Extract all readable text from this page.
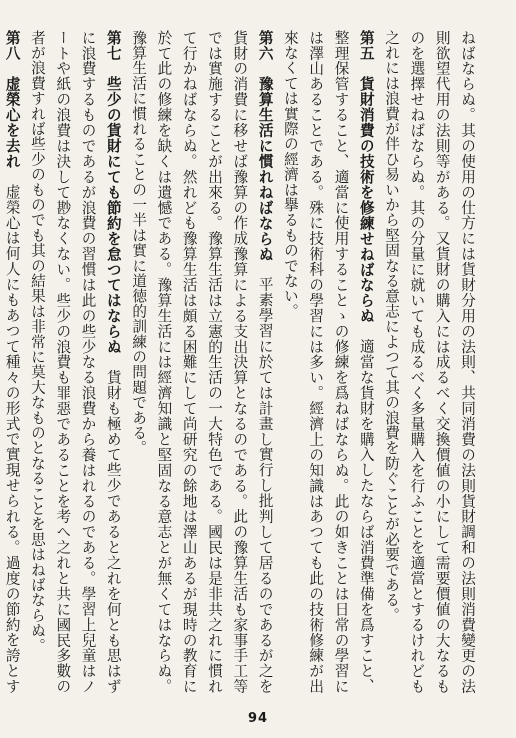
ねばならぬ。其の使用の仕方には貨財分用の法則、共同消費の法則貨財調和の法則消費變更の法則欲望代用の法則等がある。又貨財の購入には成るべく交換價値の小にして需要價値の大なるものを選擇せねばならぬ。其の分量に就いても成るべく多量購入を行ふことを適當とするけれども之れには浪費が伴ひ易いから堅固なる意志によつて其の浪費を防ぐことが必要である。

第五　貨財消費の技術を修練せねばならぬ適當な貨財を購入したならば消費準備を爲すこと、整理保管すること、適當に使用することゝの修練を爲ねばならぬ。此の如きことは日常の學習には澤山あることである。殊に技術科の學習には多い。經濟上の知識はあつても此の技術修練が出來なくては實際の經濟は擧るものでない。

第六　豫算生活に慣れねばならぬ平素學習に於ては計畫し實行し批判して居るのであるが之を貨財の消費に移せば豫算の作成豫算による支出決算となるのである。此の豫算生活も家事手工等では實施することが出來る。豫算生活は立憲的生活の一大特色である。國民は是非共之れに慣れて行かねばならぬ。然れども豫算生活は頗る困難にして尚研究の餘地は澤山あるが現時の教育に於て此の修練を缺くは遺憾である。豫算生活には經濟知識と堅固なる意志とが無くてはならぬ。豫算生活に慣れることの一半は實に道徳的訓練の問題である。

第七　些少の貨財にても節約を怠つてはならぬ貨財も極めて些少であると之れを何とも思はずに浪費するものであるが浪費の習慣は此の些少なる浪費から養はれるのである。學習上兒童はノートや紙の浪費は決して尠なくない。些少の浪費も罪惡であることを考へ之れと共に國民多數の者が浪費すれば些少のものでも其の結果は非常に莫大なものとなることを思はねばならぬ。

第八　虚榮心を去れ虚榮心は何人にもあつて種々の形式で實現せられる。過度の節約を誇とす

94
